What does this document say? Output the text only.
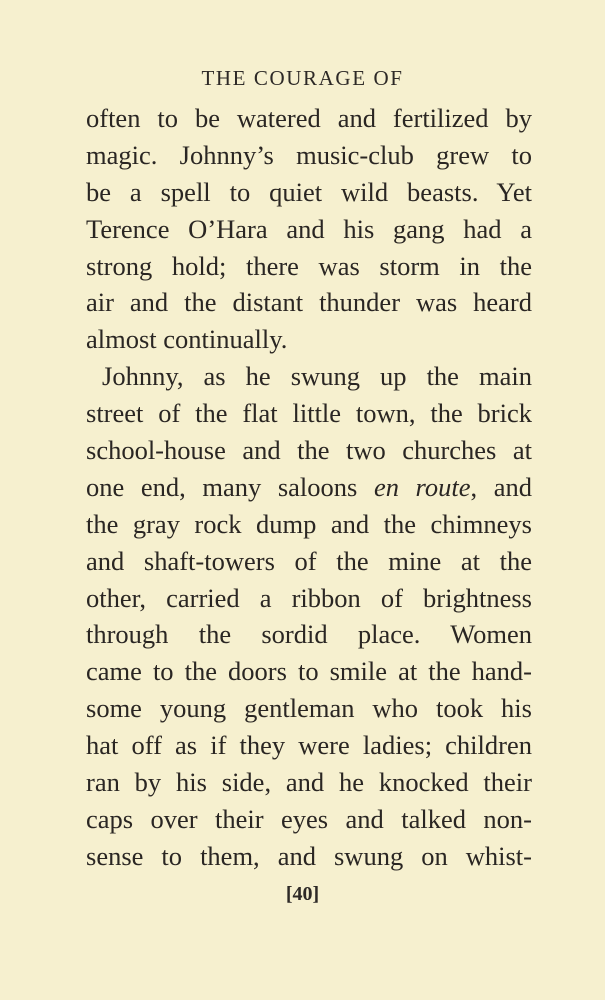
THE COURAGE OF
often to be watered and fertilized by
magic. Johnny’s music-club grew to
be a spell to quiet wild beasts. Yet
Terence O’Hara and his gang had a
strong hold; there was storm in the
air and the distant thunder was heard
almost continually.
Johnny, as he swung up the main
street of the flat little town, the brick
school-house and the two churches at
one end, many saloons en route, and
the gray rock dump and the chimneys
and shaft-towers of the mine at the
other, carried a ribbon of brightness
through the sordid place. Women
came to the doors to smile at the hand-
some young gentleman who took his
hat off as if they were ladies; children
ran by his side, and he knocked their
caps over their eyes and talked non-
sense to them, and swung on whist-
[40]
